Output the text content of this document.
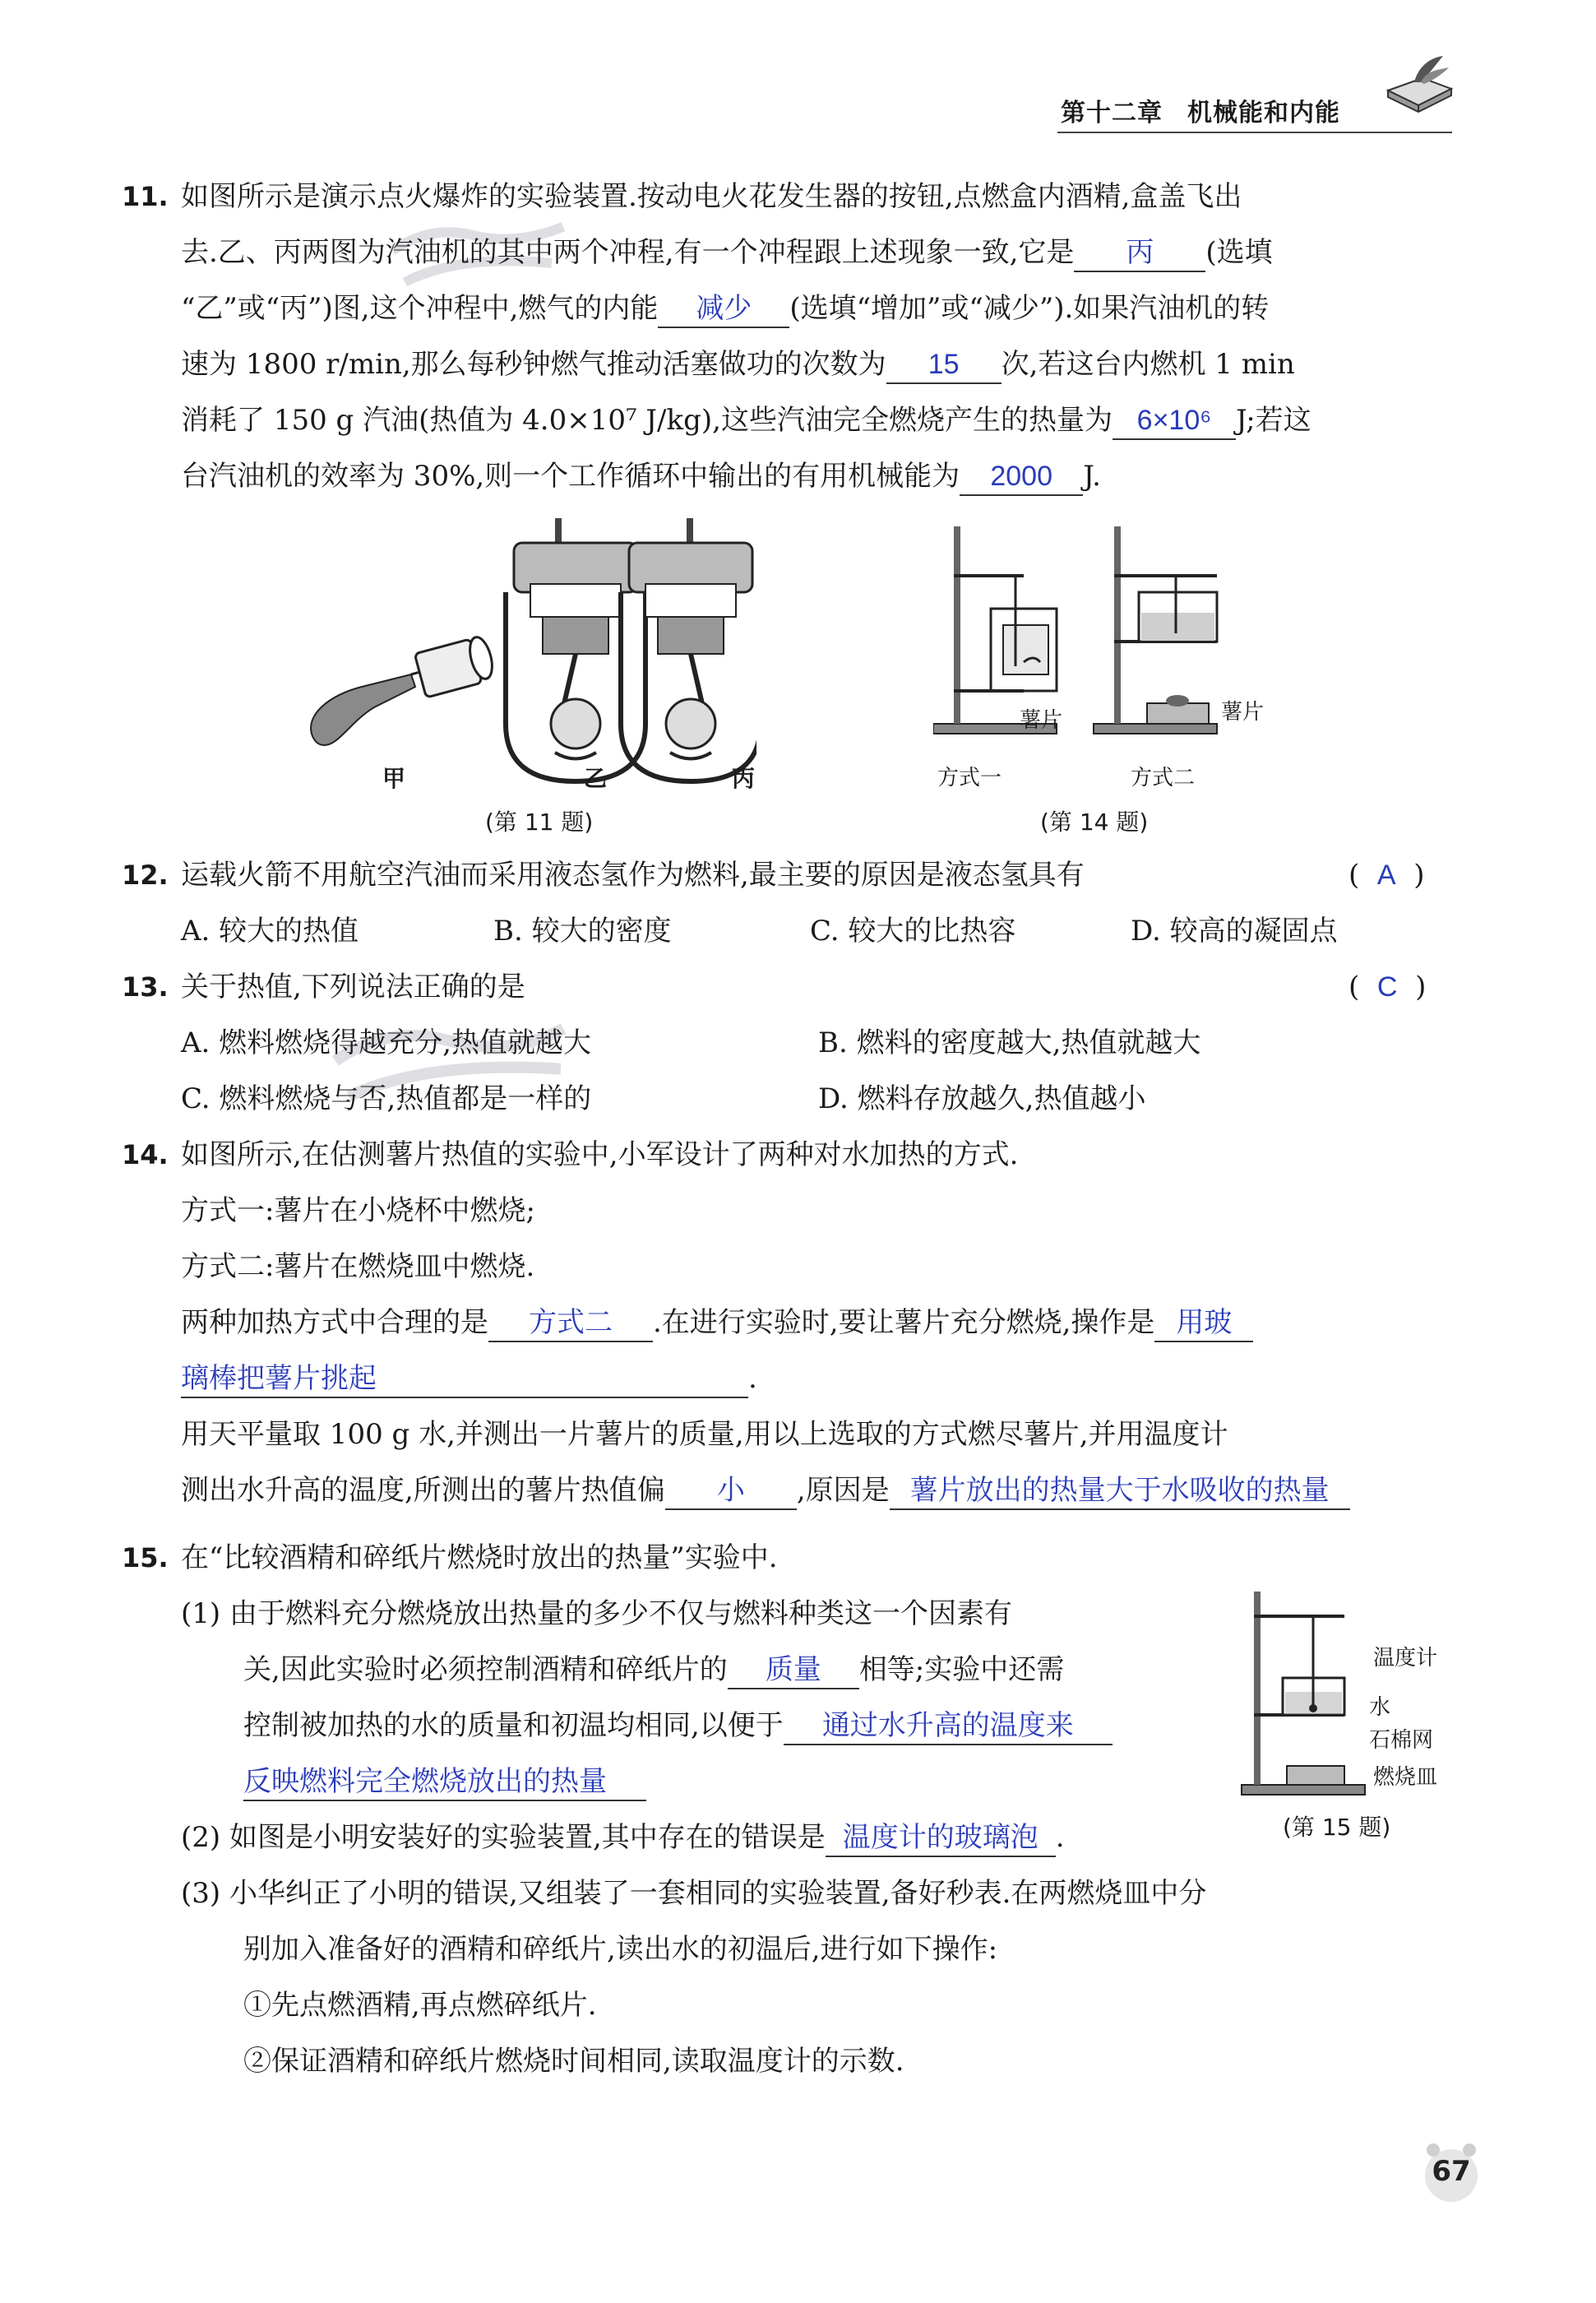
第十二章 机械能和内能
11. 如图所示是演示点火爆炸的实验装置.按动电火花发生器的按钮,点燃盒内酒精,盒盖飞出
去.乙、丙两图为汽油机的其中两个冲程,有一个冲程跟上述现象一致,它是 丙 (选填
“乙”或“丙”)图,这个冲程中,燃气的内能 减少 (选填“增加”或“减少”).如果汽油机的转
速为 1800 r/min,那么每秒钟燃气推动活塞做功的次数为 15 次,若这台内燃机 1 min
消耗了 150 g 汽油(热值为 4.0×10⁷ J/kg),这些汽油完全燃烧产生的热量为 6×10⁶ J;若这
台汽油机的效率为 30%,则一个工作循环中输出的有用机械能为 2000 J.
甲	乙	丙
(第 11 题)
薯片	薯片
方式一	方式二
(第 14 题)
12. 运载火箭不用航空汽油而采用液态氢作为燃料,最主要的原因是液态氢具有	(  A  )
A. 较大的热值	B. 较大的密度	C. 较大的比热容	D. 较高的凝固点
13. 关于热值,下列说法正确的是	(  C  )
A. 燃料燃烧得越充分,热值就越大	B. 燃料的密度越大,热值就越大
C. 燃料燃烧与否,热值都是一样的	D. 燃料存放越久,热值越小
14. 如图所示,在估测薯片热值的实验中,小军设计了两种对水加热的方式.
方式一:薯片在小烧杯中燃烧;
方式二:薯片在燃烧皿中燃烧.
两种加热方式中合理的是 方式二 .在进行实验时,要让薯片充分燃烧,操作是 用玻
璃棒把薯片挑起	.
用天平量取 100 g 水,并测出一片薯片的质量,用以上选取的方式燃尽薯片,并用温度计
测出水升高的温度,所测出的薯片热值偏 小 ,原因是 薯片放出的热量大于水吸收的热量
15. 在“比较酒精和碎纸片燃烧时放出的热量”实验中.
(1) 由于燃料充分燃烧放出热量的多少不仅与燃料种类这一个因素有
关,因此实验时必须控制酒精和碎纸片的 质量 相等;实验中还需
控制被加热的水的质量和初温均相同,以便于 通过水升高的温度来
反映燃料完全燃烧放出的热量
(2) 如图是小明安装好的实验装置,其中存在的错误是 温度计的玻璃泡 .
(3) 小华纠正了小明的错误,又组装了一套相同的实验装置,备好秒表.在两燃烧皿中分
别加入准备好的酒精和碎纸片,读出水的初温后,进行如下操作:
①先点燃酒精,再点燃碎纸片.
②保证酒精和碎纸片燃烧时间相同,读取温度计的示数.
温度计
水
石棉网
燃烧皿
(第 15 题)
67
